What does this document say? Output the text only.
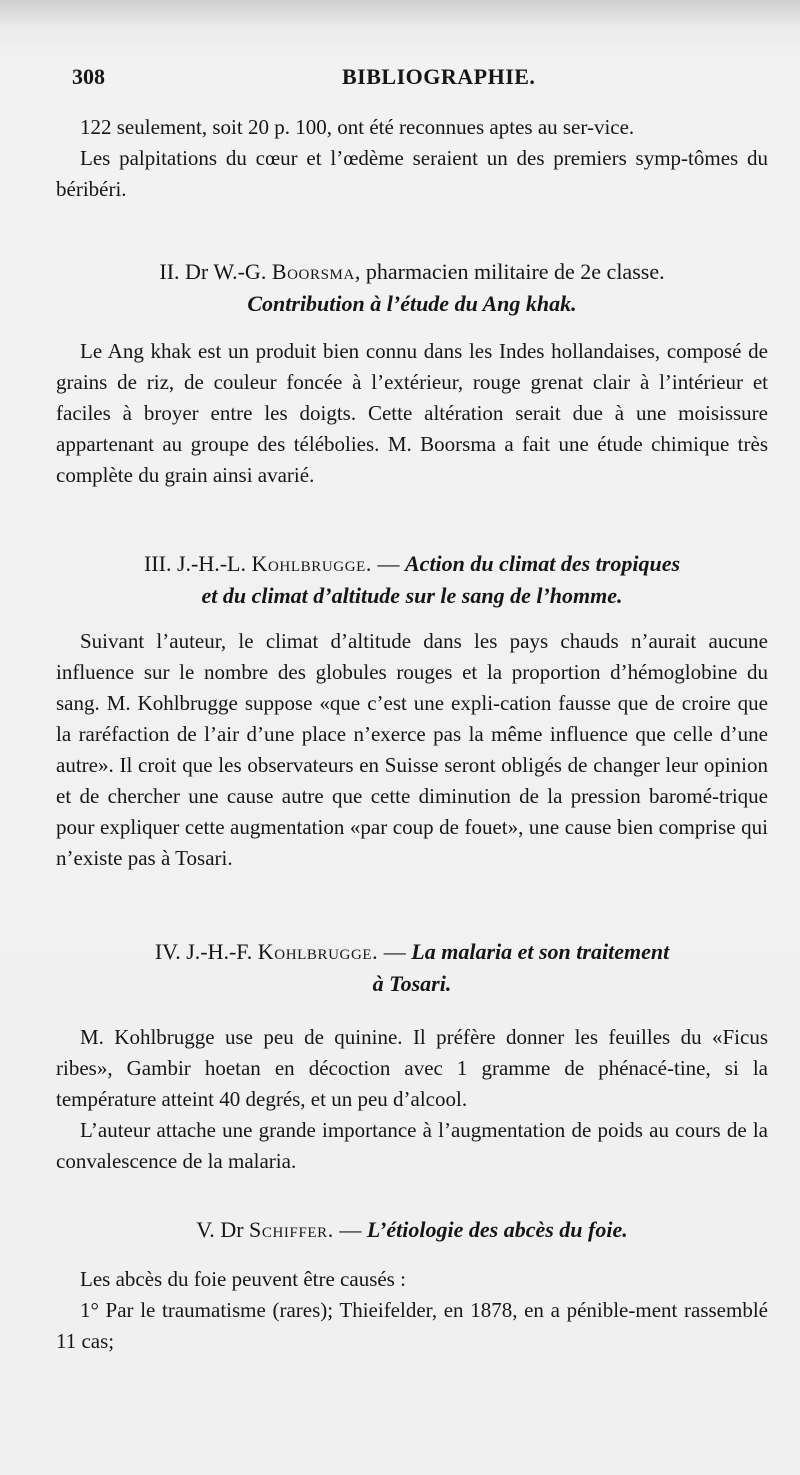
308	BIBLIOGRAPHIE.

122 seulement, soit 20 p. 100, ont été reconnues aptes au ser-vice.

Les palpitations du cœur et l’œdème seraient un des premiers symp-tômes du béribéri.

II. Dr W.-G. Boorsma, pharmacien militaire de 2e classe.
Contribution à l’étude du Ang khak.

Le Ang khak est un produit bien connu dans les Indes hollandaises, composé de grains de riz, de couleur foncée à l’extérieur, rouge grenat clair à l’intérieur et faciles à broyer entre les doigts. Cette altération serait due à une moisissure appartenant au groupe des télébolies. M. Boorsma a fait une étude chimique très complète du grain ainsi avarié.

III. J.-H.-L. Kohlbrugge. — Action du climat des tropiques
et du climat d’altitude sur le sang de l’homme.

Suivant l’auteur, le climat d’altitude dans les pays chauds n’aurait aucune influence sur le nombre des globules rouges et la proportion d’hémoglobine du sang. M. Kohlbrugge suppose «que c’est une expli-cation fausse que de croire que la raréfaction de l’air d’une place n’exerce pas la même influence que celle d’une autre». Il croit que les observateurs en Suisse seront obligés de changer leur opinion et de chercher une cause autre que cette diminution de la pression baromé-trique pour expliquer cette augmentation «par coup de fouet», une cause bien comprise qui n’existe pas à Tosari.

IV. J.-H.-F. Kohlbrugge. — La malaria et son traitement
à Tosari.

M. Kohlbrugge use peu de quinine. Il préfère donner les feuilles du «Ficus ribes», Gambir hoetan en décoction avec 1 gramme de phénacé-tine, si la température atteint 40 degrés, et un peu d’alcool.

L’auteur attache une grande importance à l’augmentation de poids au cours de la convalescence de la malaria.

V. Dr Schiffer. — L’étiologie des abcès du foie.

Les abcès du foie peuvent être causés :

1° Par le traumatisme (rares); Thieifelder, en 1878, en a pénible-ment rassemblé 11 cas;
